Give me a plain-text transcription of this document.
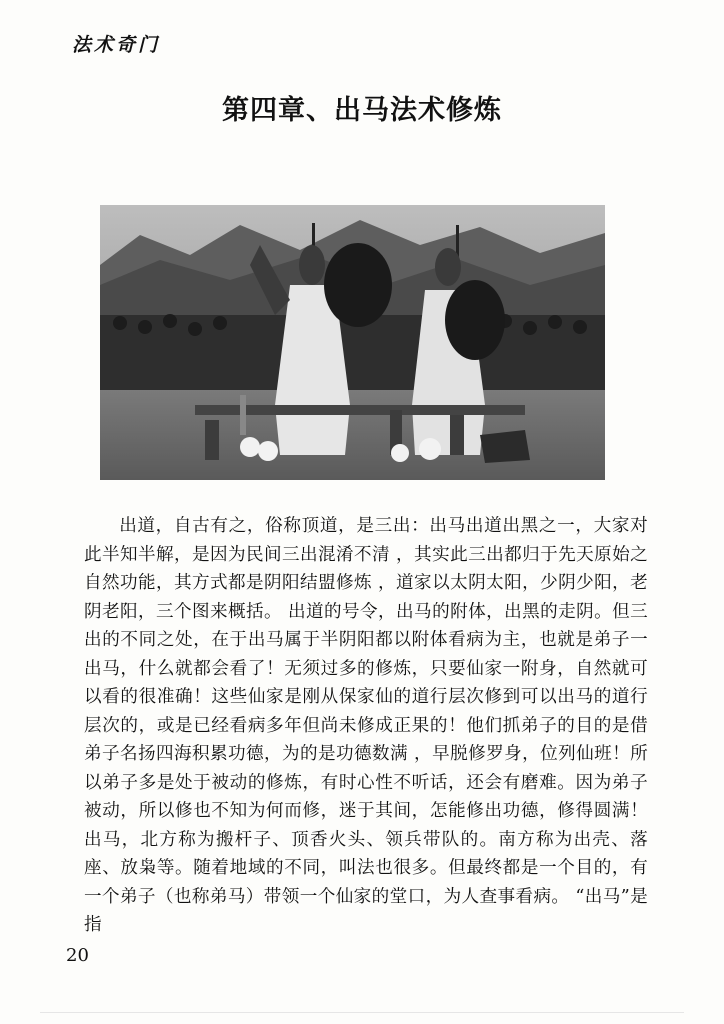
法术奇门
第四章、出马法术修炼

出道，自古有之，俗称顶道，是三出：出马出道出黑之一，大家对此半知半解，是因为民间三出混淆不清 ，其实此三出都归于先天原始之自然功能，其方式都是阴阳结盟修炼 ，道家以太阴太阳，少阴少阳，老阴老阳，三个图来概括。 出道的号令，出马的附体，出黑的走阴。但三出的不同之处，在于出马属于半阴阳都以附体看病为主，也就是弟子一出马，什么就都会看了！无须过多的修炼，只要仙家一附身，自然就可以看的很准确！这些仙家是刚从保家仙的道行层次修到可以出马的道行层次的，或是已经看病多年但尚未修成正果的！他们抓弟子的目的是借弟子名扬四海积累功德，为的是功德数满 ，早脱修罗身，位列仙班！所以弟子多是处于被动的修炼，有时心性不听话，还会有磨难。因为弟子被动，所以修也不知为何而修，迷于其间，怎能修出功德，修得圆满！ 出马，北方称为搬杆子、顶香火头、领兵带队的。南方称为出壳、落座、放枭等。随着地域的不同，叫法也很多。但最终都是一个目的，有一个弟子（也称弟马）带领一个仙家的堂口，为人查事看病。 “出马”是指

20
